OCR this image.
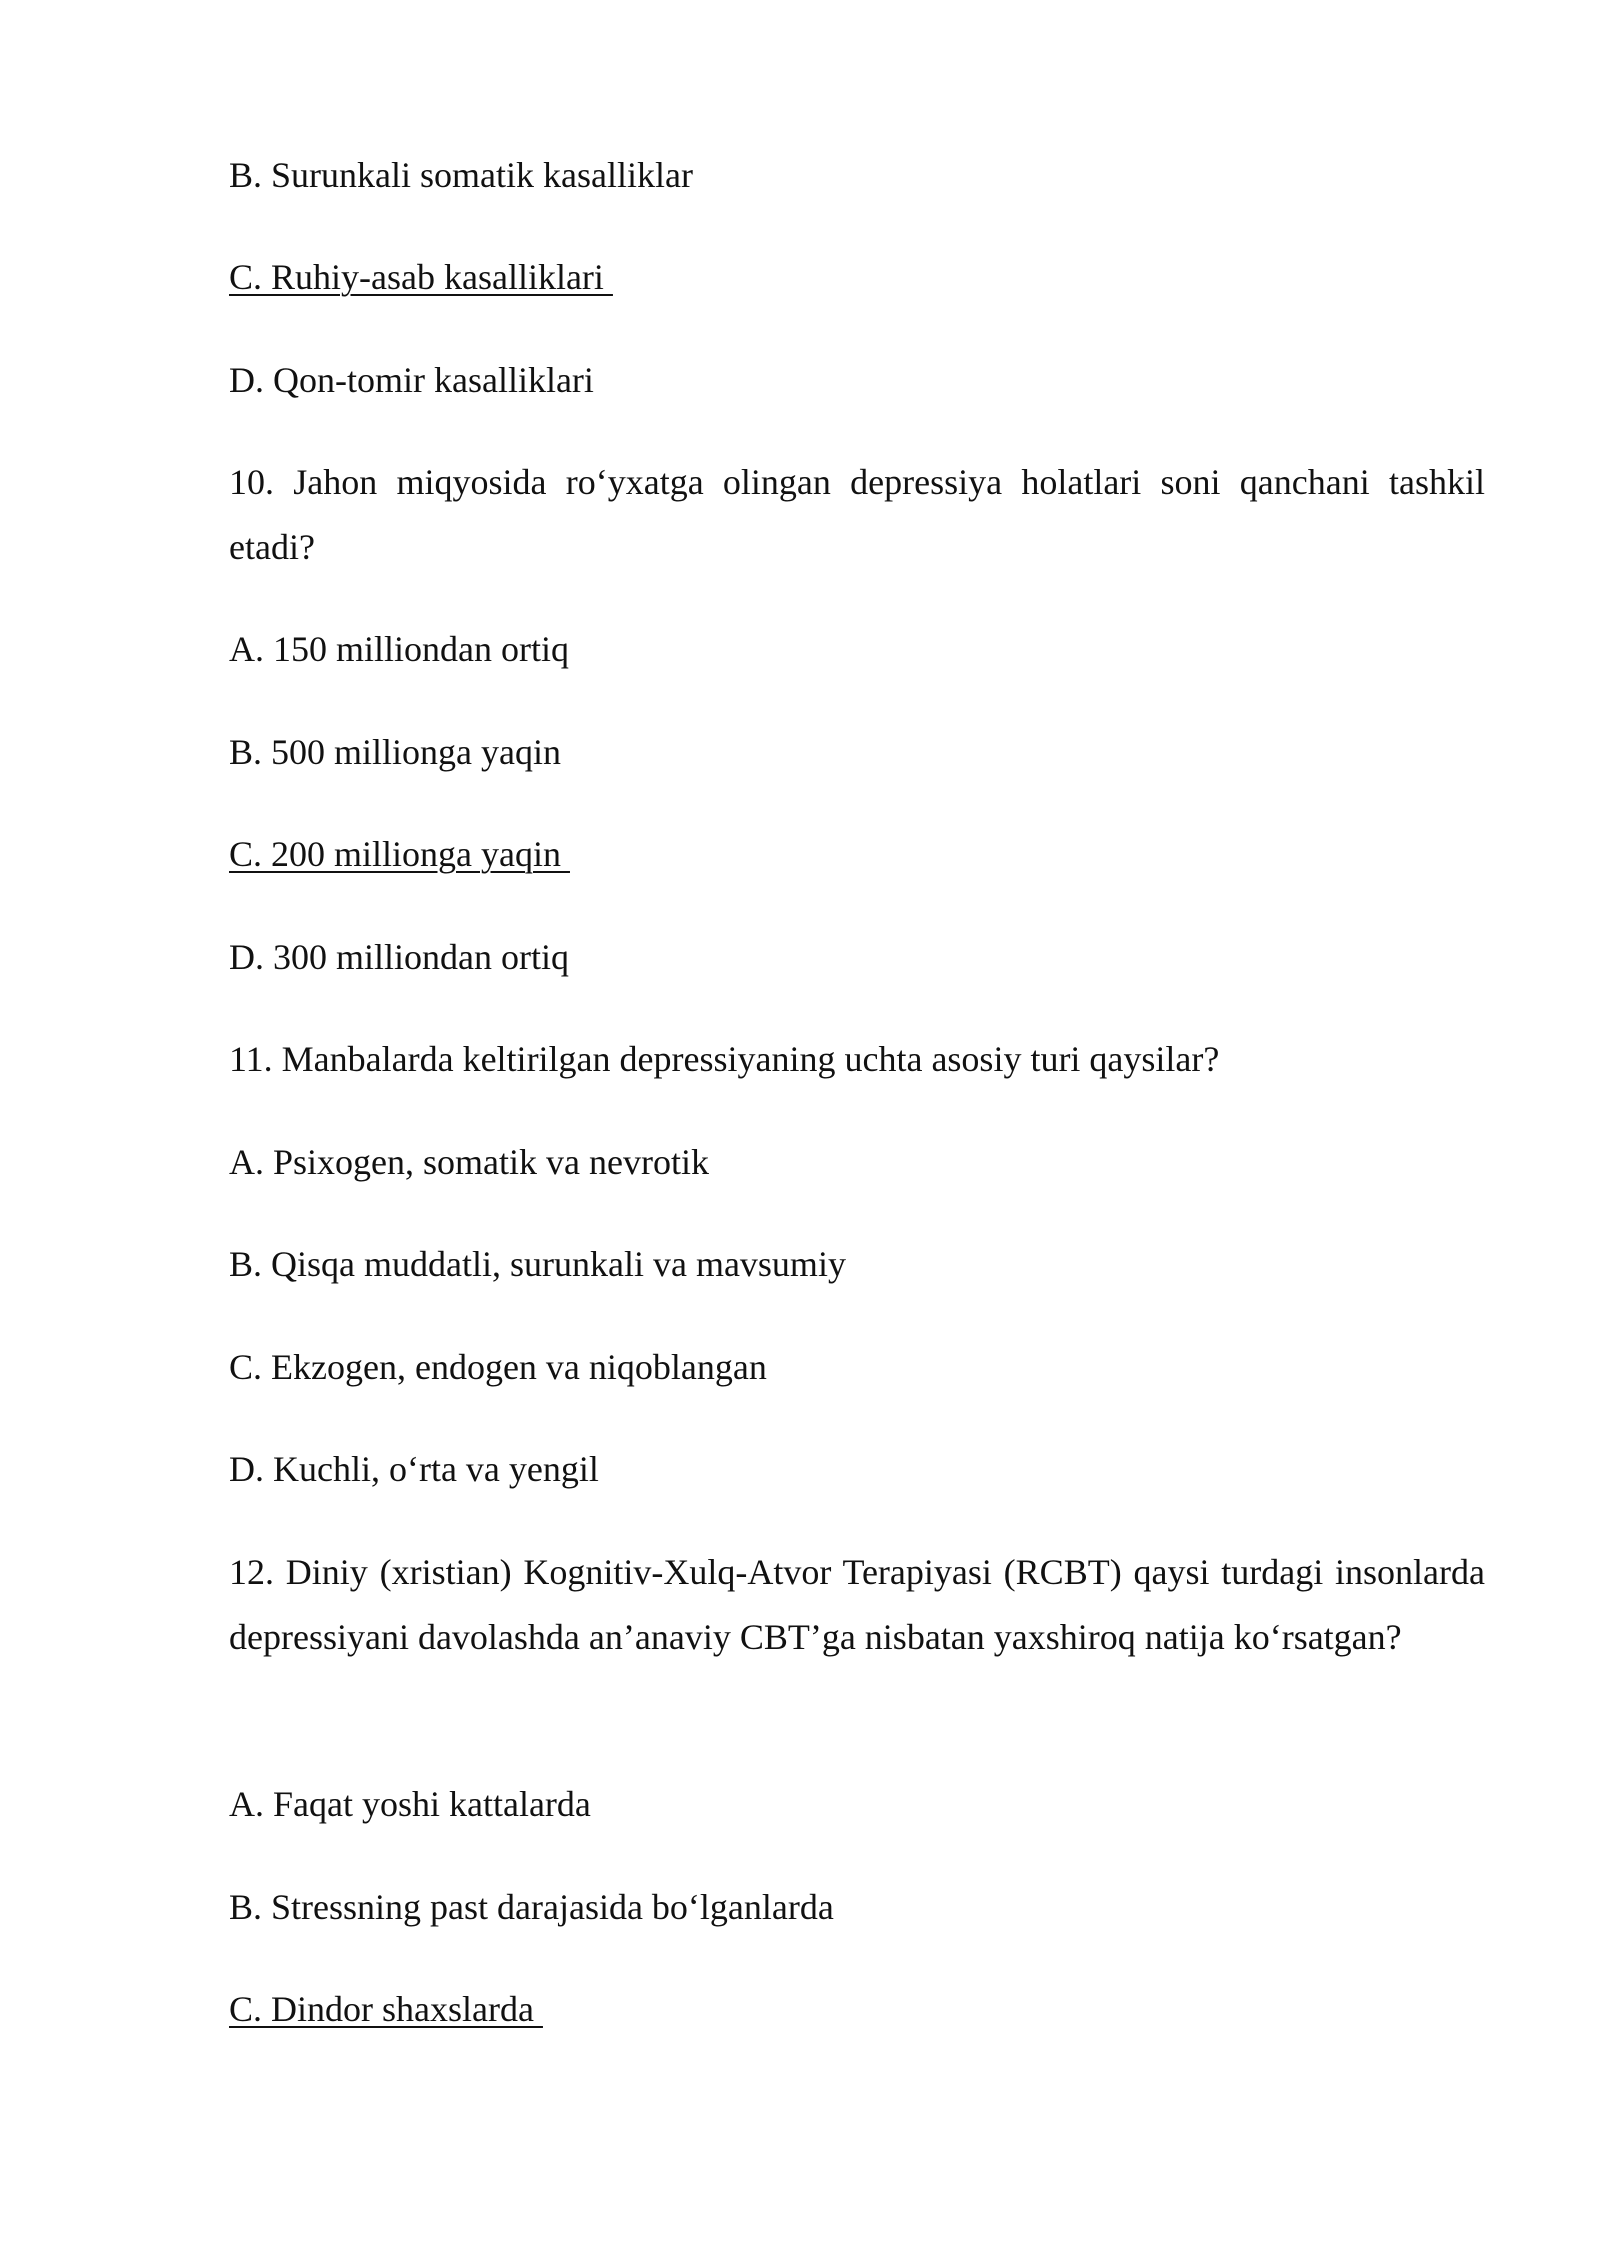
B. Surunkali somatik kasalliklar

C. Ruhiy-asab kasalliklari

D. Qon-tomir kasalliklari

10. Jahon miqyosida ro‘yxatga olingan depressiya holatlari soni qanchani tashkil etadi?

A. 150 milliondan ortiq

B. 500 millionga yaqin

C. 200 millionga yaqin

D. 300 milliondan ortiq

11. Manbalarda keltirilgan depressiyaning uchta asosiy turi qaysilar?

A. Psixogen, somatik va nevrotik

B. Qisqa muddatli, surunkali va mavsumiy

C. Ekzogen, endogen va niqoblangan

D. Kuchli, o‘rta va yengil

12. Diniy (xristian) Kognitiv-Xulq-Atvor Terapiyasi (RCBT) qaysi turdagi insonlarda depressiyani davolashda an’anaviy CBT’ga nisbatan yaxshiroq natija ko‘rsatgan?

A. Faqat yoshi kattalarda

B. Stressning past darajasida bo‘lganlarda

C. Dindor shaxslarda
